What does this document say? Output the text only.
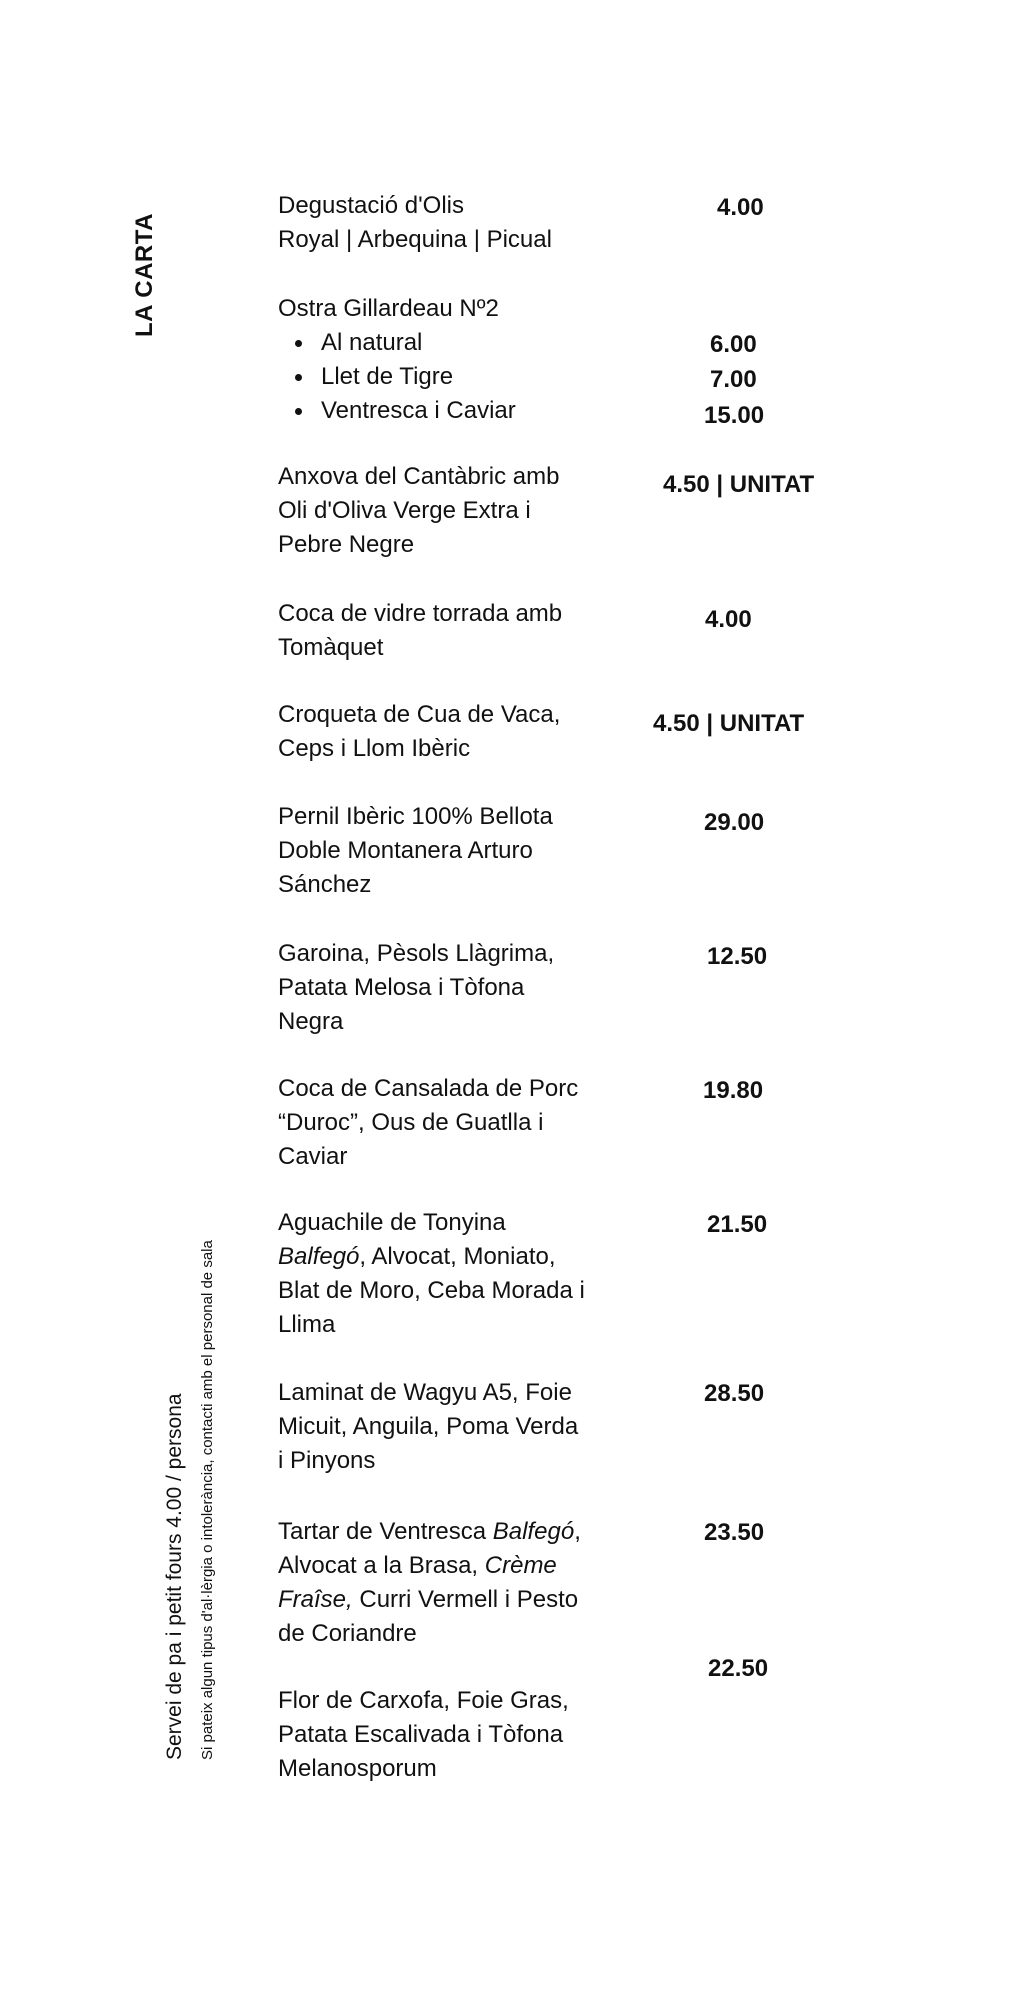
LA CARTA
Servei de pa i petit fours 4.00 / persona Si pateix algun tipus d'al·lèrgia o intolerància, contacti amb el personal de sala
Degustació d'Olis
Royal | Arbequina | Picual
4.00
Ostra Gillardeau Nº2
Al natural
Llet de Tigre
Ventresca i Caviar
6.00
7.00
15.00
Anxova del Cantàbric amb
Oli d'Oliva Verge Extra i
Pebre Negre
4.50 | UNITAT
Coca de vidre torrada amb
Tomàquet
4.00
Croqueta de Cua de Vaca,
Ceps i Llom Ibèric
4.50 | UNITAT
Pernil Ibèric 100% Bellota
Doble Montanera Arturo
Sánchez
29.00
Garoina, Pèsols Llàgrima,
Patata Melosa i Tòfona
Negra
12.50
Coca de Cansalada de Porc
“Duroc”, Ous de Guatlla i
Caviar
19.80
Aguachile de Tonyina
Balfegó, Alvocat, Moniato,
Blat de Moro, Ceba Morada i
Llima
21.50
Laminat de Wagyu A5, Foie
Micuit, Anguila, Poma Verda
i Pinyons
28.50
Tartar de Ventresca Balfegó,
Alvocat a la Brasa, Crème
Fraîse, Curri Vermell i Pesto
de Coriandre
23.50
Flor de Carxofa, Foie Gras,
Patata Escalivada i Tòfona
Melanosporum
22.50
